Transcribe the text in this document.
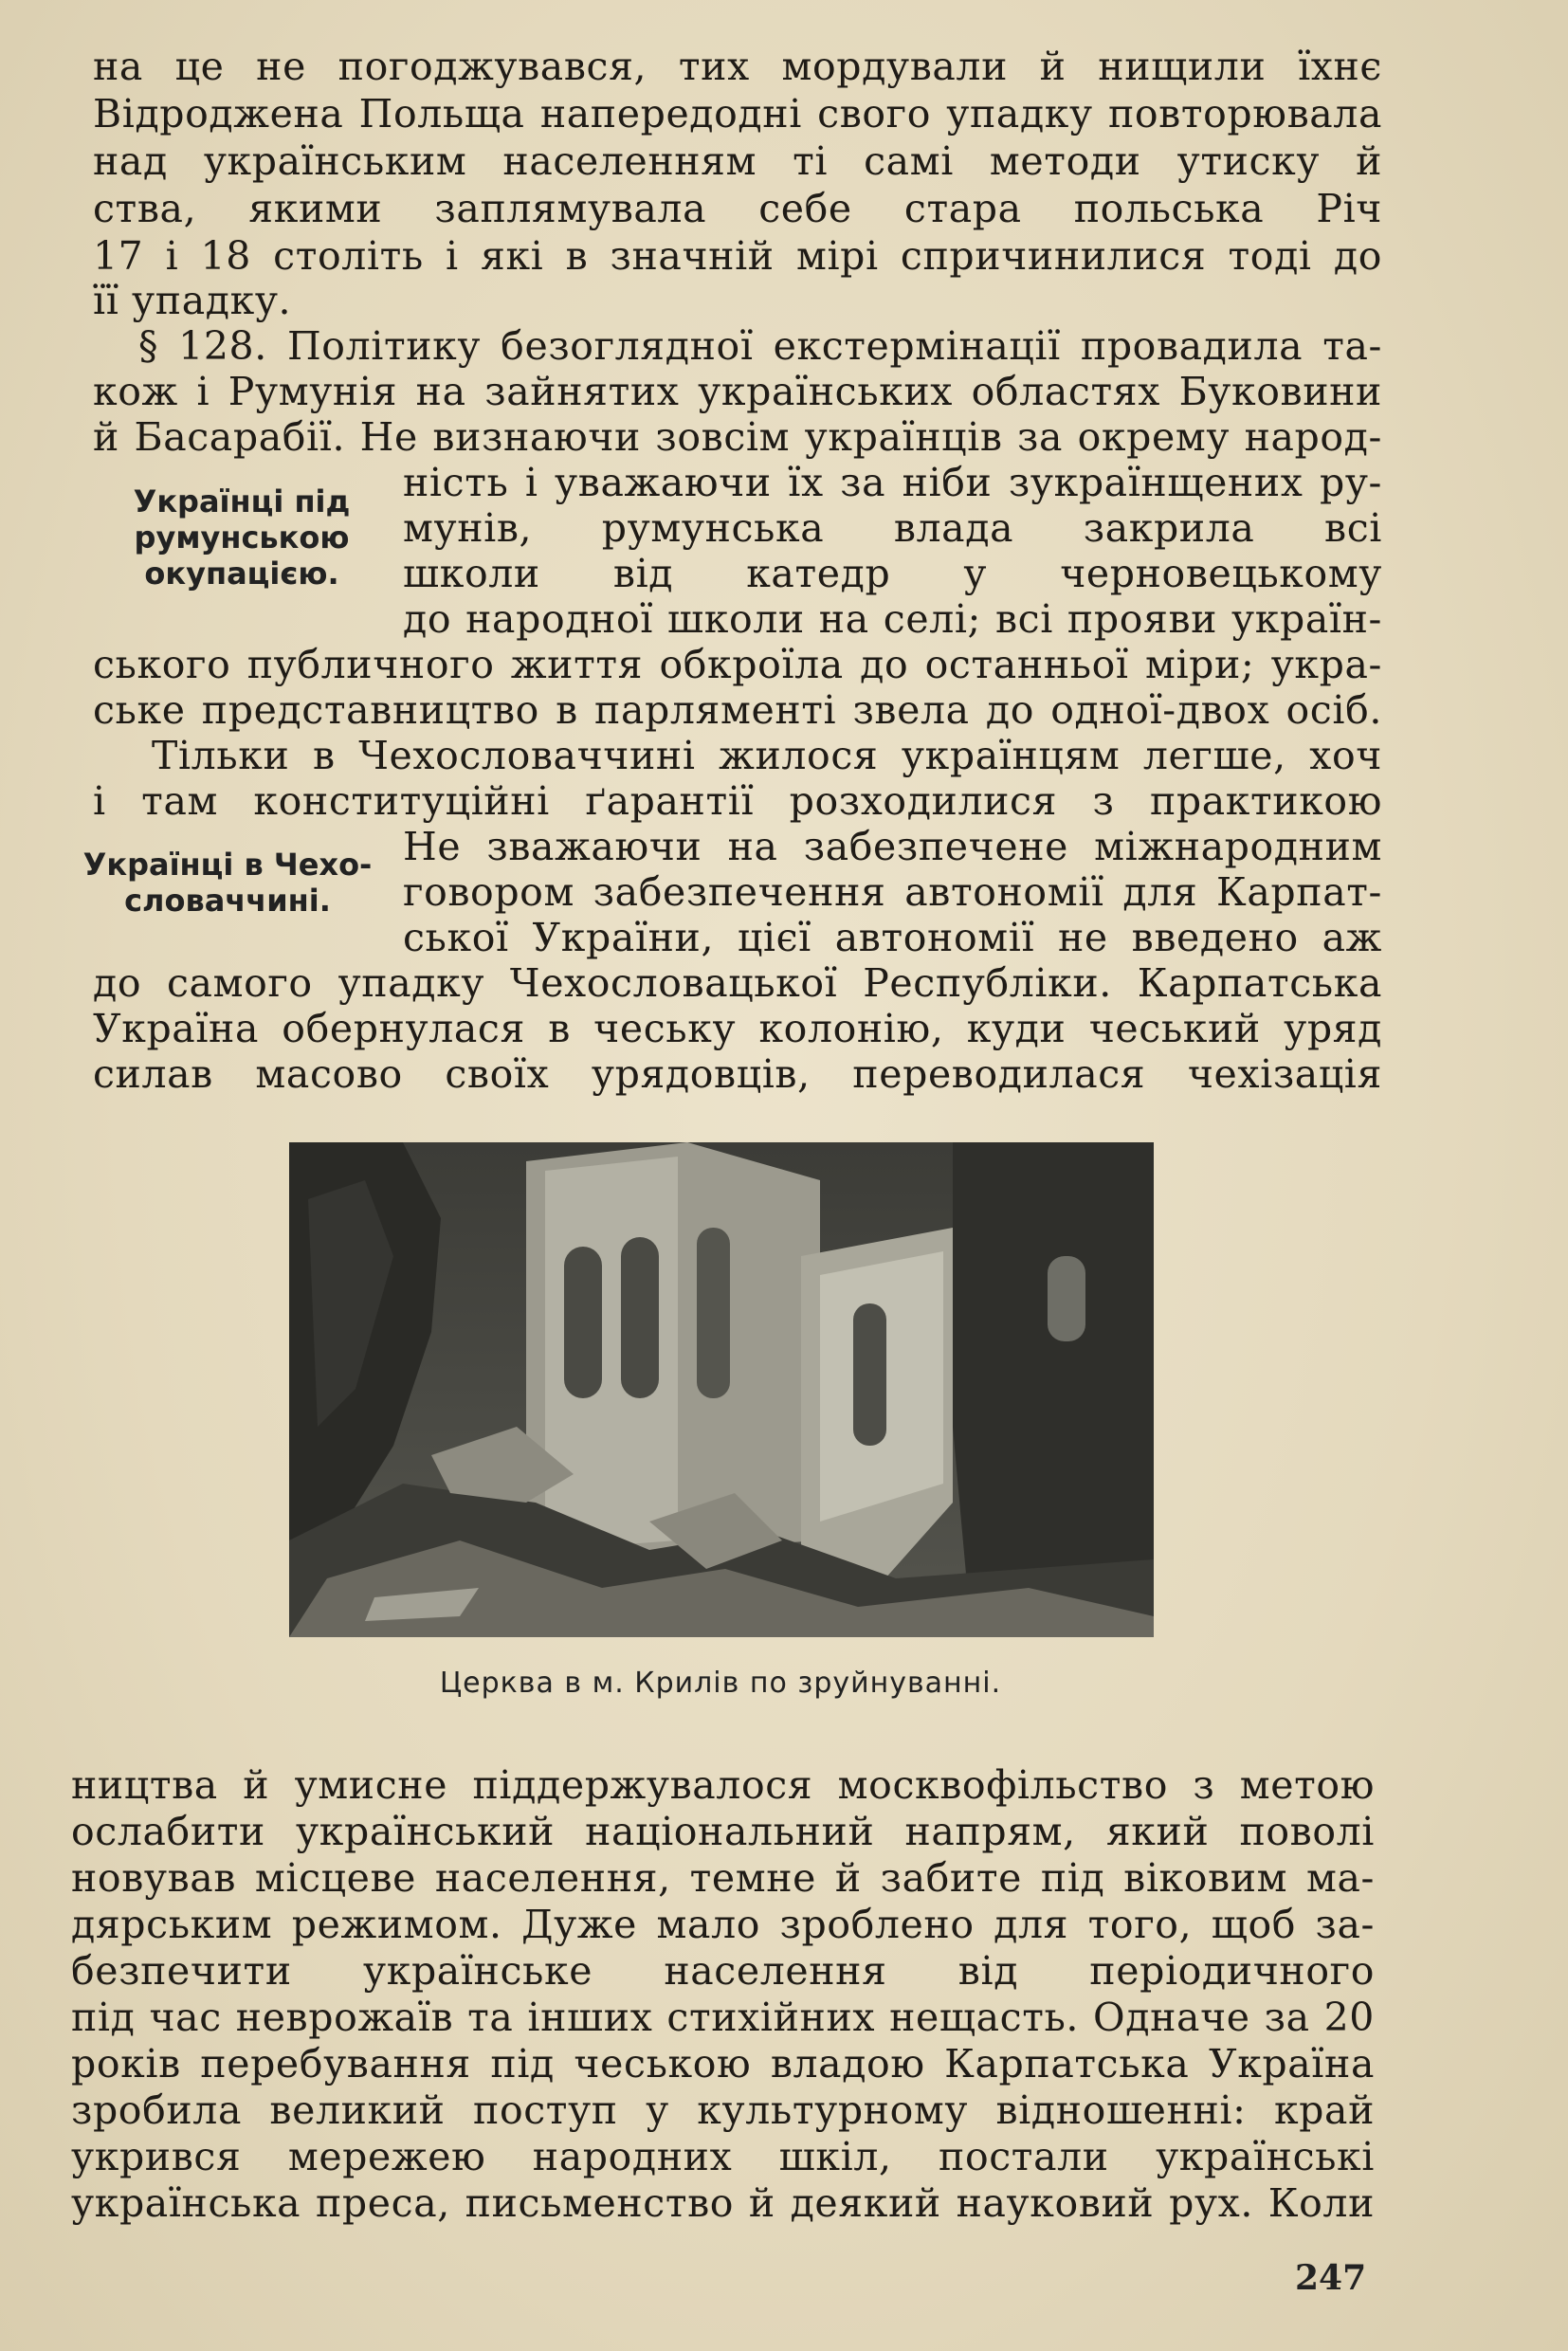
на це не погоджувався, тих мордували й нищили їхнє
Відроджена Польща напередодні свого упадку повторювала
над українським населенням ті самі методи утиску й
ства, якими заплямувала себе стара польська Річ
17 і 18 століть і які в значній мірі спричинилися тоді до
її упадку.
§ 128. Політику безоглядної екстермінації провадила та-
кож і Румунія на зайнятих українських областях Буковини
й Басарабії. Не визнаючи зовсім українців за окрему народ-
ність і уважаючи їх за ніби зукраїнщених ру-
мунів, румунська влада закрила всі
школи від катедр у черновецькому
до народної школи на селі; всі прояви україн-
ського публичного життя обкроїла до останньої міри; укра-
ське представництво в парляменті звела до одної-двох осіб.
Українці під
румунською
окупацією.
Тільки в Чехословаччині жилося українцям легше, хоч
і там конституційні ґарантії розходилися з практикою
Не зважаючи на забезпечене міжнародним
говором забезпечення автономії для Карпат-
ської України, цієї автономії не введено аж
до самого упадку Чехословацької Республіки. Карпатська
Україна обернулася в чеську колонію, куди чеський уряд
силав масово своїх урядовців, переводилася чехізація
Українці в Чехо-
словаччині.
Церква в м. Крилів по зруйнуванні.
ництва й умисне піддержувалося москвофільство з метою
ослабити український національний напрям, який поволі
новував місцеве населення, темне й забите під віковим ма-
дярським режимом. Дуже мало зроблено для того, щоб за-
безпечити українське населення від періодичного
під час неврожаїв та інших стихійних нещасть. Одначе за 20
років перебування під чеською владою Карпатська Україна
зробила великий поступ у культурному відношенні: край
укрився мережею народних шкіл, постали українські
українська преса, письменство й деякий науковий рух. Коли
247
